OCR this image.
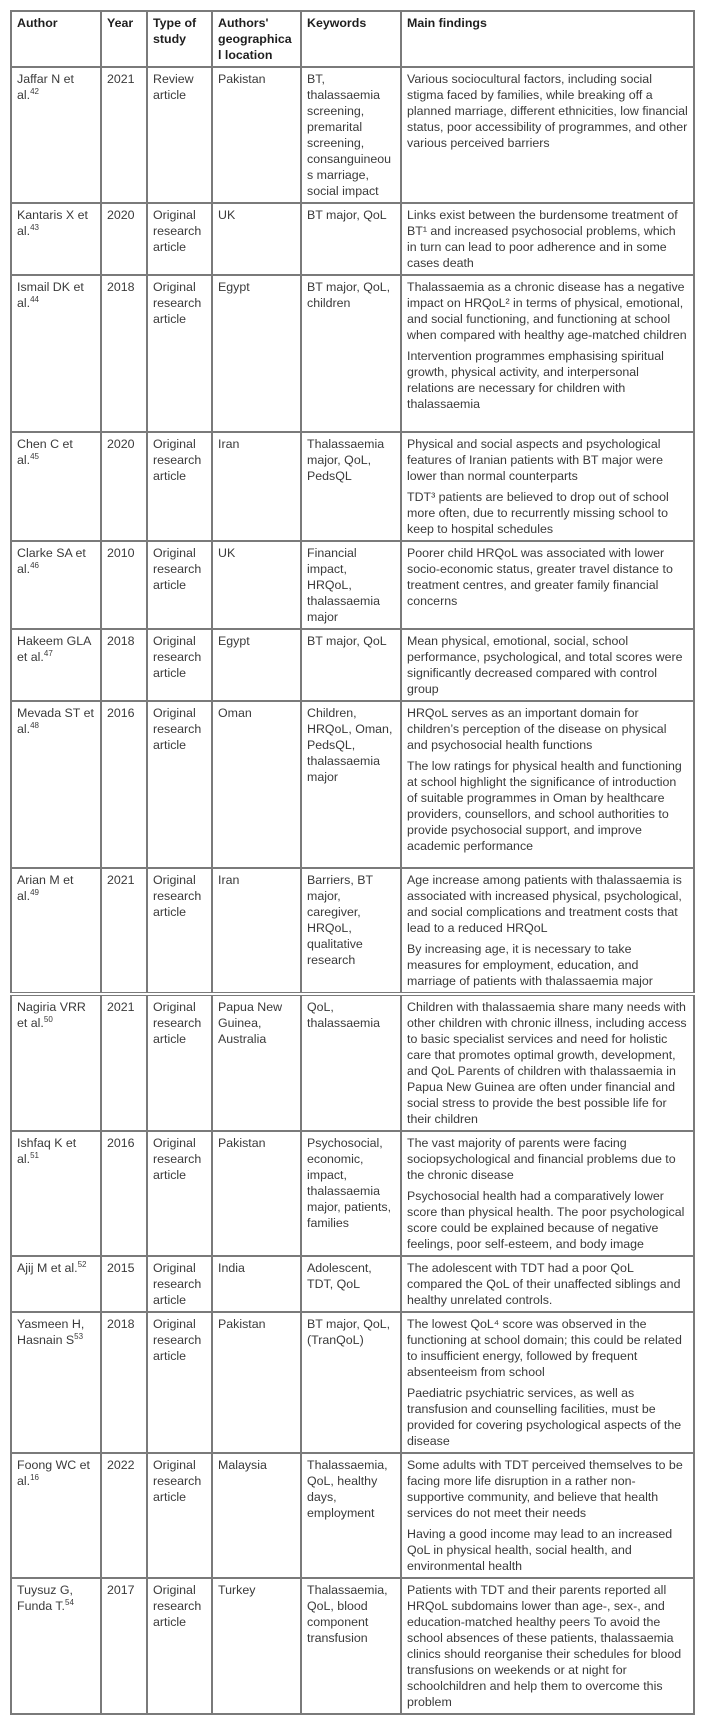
Author	Year	Type of study	Authors' geographical location	Keywords	Main findings
Jaffar N et al.$^{42}$	2021	Review article	Pakistan	BT, thalassaemia screening, premarital screening, consanguineous marriage, social impact	Various sociocultural factors, including social stigma faced by families, while breaking off a planned marriage, different ethnicities, low financial status, poor accessibility of programmes, and other various perceived barriers

Kantaris X et al.$^{43}$	2020	Original research article	UK	BT major, QoL	Links exist between the burdensome treatment of BT¹ and increased psychosocial problems, which in turn can lead to poor adherence and in some cases death

Ismail DK et al.$^{44}$	2018	Original research article	Egypt	BT major, QoL, children	Thalassaemia as a chronic disease has a negative impact on HRQoL² in terms of physical, emotional, and social functioning, and functioning at school when compared with healthy age-matched children
Intervention programmes emphasising spiritual growth, physical activity, and interpersonal relations are necessary for children with thalassaemia

Chen C et al.$^{45}$	2020	Original research article	Iran	Thalassaemia major, QoL, PedsQL	Physical and social aspects and psychological features of Iranian patients with BT major were lower than normal counterparts
TDT³ patients are believed to drop out of school more often, due to recurrently missing school to keep to hospital schedules

Clarke SA et al.$^{46}$	2010	Original research article	UK	Financial impact, HRQoL, thalassaemia major	Poorer child HRQoL was associated with lower socio-economic status, greater travel distance to treatment centres, and greater family financial concerns

Hakeem GLA et al.$^{47}$	2018	Original research article	Egypt	BT major, QoL	Mean physical, emotional, social, school performance, psychological, and total scores were significantly decreased compared with control group

Mevada ST et al.$^{48}$	2016	Original research article	Oman	Children, HRQoL, Oman, PedsQL, thalassaemia major	HRQoL serves as an important domain for children’s perception of the disease on physical and psychosocial health functions
The low ratings for physical health and functioning at school highlight the significance of introduction of suitable programmes in Oman by healthcare providers, counsellors, and school authorities to provide psychosocial support, and improve academic performance

Arian M et al.$^{49}$	2021	Original research article	Iran	Barriers, BT major, caregiver, HRQoL, qualitative research	Age increase among patients with thalassaemia is associated with increased physical, psychological, and social complications and treatment costs that lead to a reduced HRQoL
By increasing age, it is necessary to take measures for employment, education, and marriage of patients with thalassaemia major

Nagiria VRR et al.$^{50}$	2021	Original research article	Papua New Guinea, Australia	QoL, thalassaemia	Children with thalassaemia share many needs with other children with chronic illness, including access to basic specialist services and need for holistic care that promotes optimal growth, development, and QoL Parents of children with thalassaemia in Papua New Guinea are often under financial and social stress to provide the best possible life for their children

Ishfaq K et al.$^{51}$	2016	Original research article	Pakistan	Psychosocial, economic, impact, thalassaemia major, patients, families	The vast majority of parents were facing sociopsychological and financial problems due to the chronic disease
Psychosocial health had a comparatively lower score than physical health. The poor psychological score could be explained because of negative feelings, poor self-esteem, and body image

Ajij M et al.$^{52}$	2015	Original research article	India	Adolescent, TDT, QoL	The adolescent with TDT had a poor QoL compared the QoL of their unaffected siblings and healthy unrelated controls.

Yasmeen H, Hasnain $S^{53}$	2018	Original research article	Pakistan	BT major, QoL, (TranQoL)	The lowest QoL⁴ score was observed in the functioning at school domain; this could be related to insufficient energy, followed by frequent absenteeism from school
Paediatric psychiatric services, as well as transfusion and counselling facilities, must be provided for covering psychological aspects of the disease

Foong WC et al.$^{16}$	2022	Original research article	Malaysia	Thalassaemia, QoL, healthy days, employment	Some adults with TDT perceived themselves to be facing more life disruption in a rather non-supportive community, and believe that health services do not meet their needs
Having a good income may lead to an increased QoL in physical health, social health, and environmental health

Tuysuz G, Funda T.$^{54}$	2017	Original research article	Turkey	Thalassaemia, QoL, blood component transfusion	Patients with TDT and their parents reported all HRQoL subdomains lower than age-, sex-, and education-matched healthy peers To avoid the school absences of these patients, thalassaemia clinics should reorganise their schedules for blood transfusions on weekends or at night for schoolchildren and help them to overcome this problem
